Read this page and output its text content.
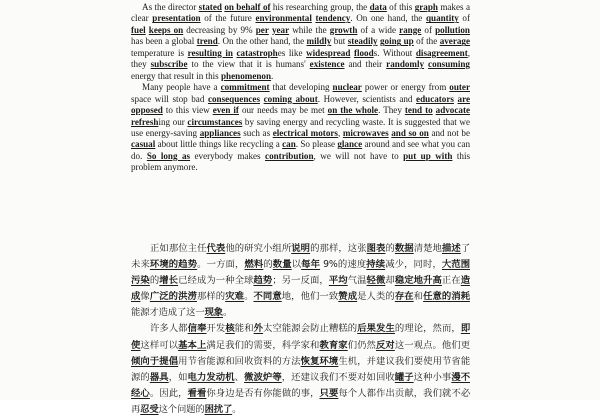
As the director stated on behalf of his researching group, the data of this graph makes a clear presentation of the future environmental tendency. On one hand, the quantity of fuel keeps on decreasing by 9% per year while the growth of a wide range of pollution has been a global trend. On the other hand, the mildly but steadily going up of the average temperature is resulting in catastrophes like widespread floods. Without disagreement, they subscribe to the view that it is humans' existence and their randomly consuming energy that result in this phenomenon.

Many people have a commitment that developing nuclear power or energy from outer space will stop bad consequences coming about. However, scientists and educators are opposed to this view even if our needs may be met on the whole. They tend to advocate refreshing our circumstances by saving energy and recycling waste. It is suggested that we use energy-saving appliances such as electrical motors, microwaves and so on and not be casual about little things like recycling a can. So please glance around and see what you can do. So long as everybody makes contribution, we will not have to put up with this problem anymore.

正如那位主任代表他的研究小组所说明的那样，这张图表的数据清楚地描述了未来环境的趋势。一方面，燃料的数量以每年 9%的速度持续减少，同时，大范围污染的增长已经成为一种全球趋势；另一反面，平均气温轻微却稳定地升高正在造成像广泛的洪涝那样的灾难。不同意地，他们一致赞成是人类的存在和任意的消耗能源才造成了这一现象。

许多人都信奉开发核能和外太空能源会防止糟糕的后果发生的理论，然而，即使这样可以基本上满足我们的需要，科学家和教育家们仍然反对这一观点。他们更倾向于提倡用节省能源和回收资料的方法恢复环境生机，并建议我们要使用节省能源的器具，如电力发动机、微波炉等，还建议我们不要对如回收罐子这种小事漫不经心。因此，看看你身边是否有你能做的事，只要每个人都作出贡献，我们就不必再忍受这个问题的困扰了。
